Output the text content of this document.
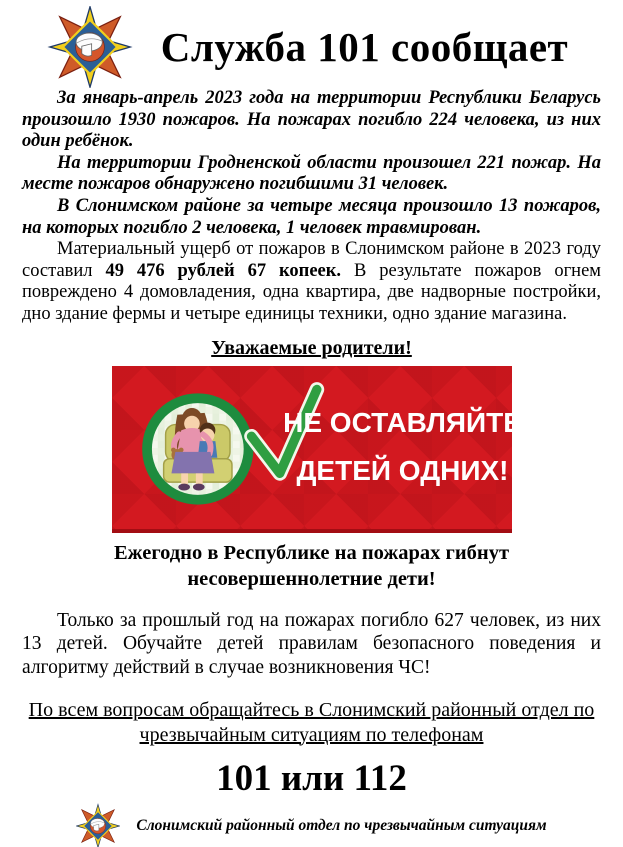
Служба 101 сообщает

За январь-апрель 2023 года на территории Республики Беларусь произошло 1930 пожаров. На пожарах погибло 224 человека, из них один ребёнок.

На территории Гродненской области произошел 221 пожар. На месте пожаров обнаружено погибшими 31 человек.

В Слонимском районе за четыре месяца произошло 13 пожаров, на которых погибло 2 человека, 1 человек травмирован.

Материальный ущерб от пожаров в Слонимском районе в 2023 году составил 49 476 рублей 67 копеек. В результате пожаров огнем повреждено 4 домовладения, одна квартира, две надворные постройки, дно здание фермы и четыре единицы техники, одно здание магазина.

Уважаемые родители!
НЕ ОСТАВЛЯЙТЕ
ДЕТЕЙ ОДНИХ!
Ежегодно в Республике на пожарах гибнут
несовершеннолетние дети!

Только за прошлый год на пожарах погибло 627 человек, из них 13 детей. Обучайте детей правилам безопасного поведения и алгоритму действий в случае возникновения ЧС!

По всем вопросам обращайтесь в Слонимский районный отдел по
чрезвычайным ситуациям по телефонам
101 или 112
Слонимский районный отдел по чрезвычайным ситуациям
